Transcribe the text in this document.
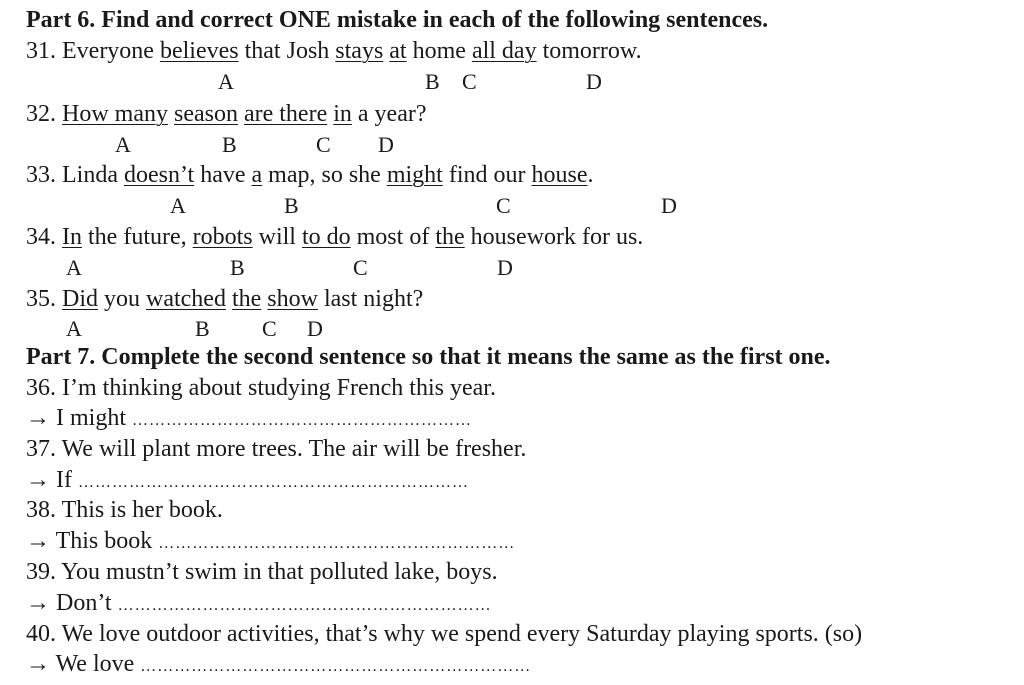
Part 6. Find and correct ONE mistake in each of the following sentences.
31. Everyone believes that Josh stays at home all day tomorrow.
A	B C	D
32. How many season are there in a year?
A	B	C D
33. Linda doesn’t have a map, so she might find our house.
A	B	C	D
34. In the future, robots will to do most of the housework for us.
A	B	C	D
35. Did you watched the show last night?
A	B C D
Part 7. Complete the second sentence so that it means the same as the first one.
36. I’m thinking about studying French this year.
→ I might ……………………………………………………
37. We will plant more trees. The air will be fresher.
→ If ……………………………………………………………
38. This is her book.
→ This book ………………………………………………………
39. You mustn’t swim in that polluted lake, boys.
→ Don’t …………………………………………………………
40. We love outdoor activities, that’s why we spend every Saturday playing sports. (so)
→ We love ……………………………………………………………
